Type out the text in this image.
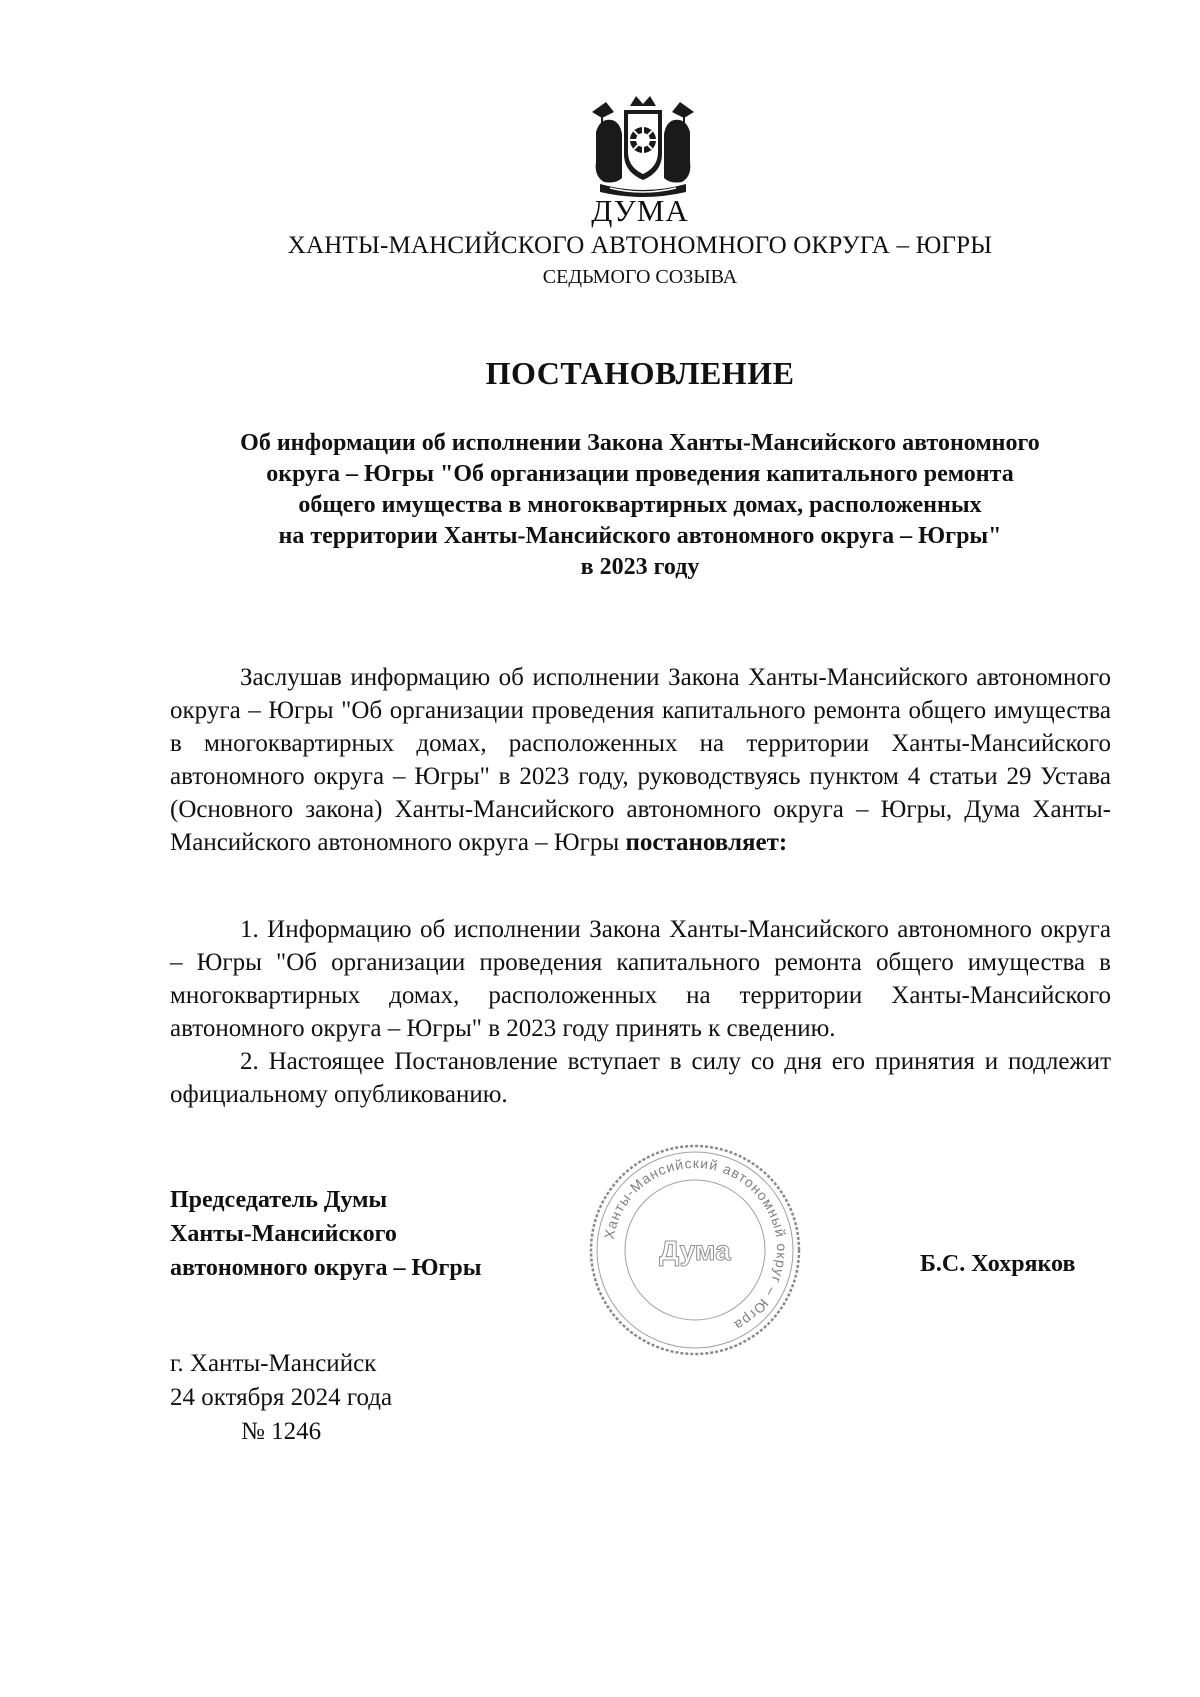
ДУМА
ХАНТЫ-МАНСИЙСКОГО АВТОНОМНОГО ОКРУГА – ЮГРЫ
СЕДЬМОГО СОЗЫВА
ПОСТАНОВЛЕНИЕ
Об информации об исполнении Закона Ханты-Мансийского автономного
округа – Югры "Об организации проведения капитального ремонта
общего имущества в многоквартирных домах, расположенных
на территории Ханты-Мансийского автономного округа – Югры"
в 2023 году
Заслушав информацию об исполнении Закона Ханты-Мансийского автономного округа – Югры "Об организации проведения капитального ремонта общего имущества в многоквартирных домах, расположенных на территории Ханты-Мансийского автономного округа – Югры" в 2023 году, руководствуясь пунктом 4 статьи 29 Устава (Основного закона) Ханты-Мансийского автономного округа – Югры, Дума Ханты-Мансийского автономного округа – Югры постановляет:
1. Информацию об исполнении Закона Ханты-Мансийского автономного округа – Югры "Об организации проведения капитального ремонта общего имущества в многоквартирных домах, расположенных на территории Ханты-Мансийского автономного округа – Югры" в 2023 году принять к сведению.
2. Настоящее Постановление вступает в силу со дня его принятия и подлежит официальному опубликованию.
Председатель Думы
Ханты-Мансийского
автономного округа – Югры
Ханты-Мансийский автономный округ – Югра
Дума	Б.С. Хохряков
г. Ханты-Мансийск
24 октября 2024 года
№ 1246
